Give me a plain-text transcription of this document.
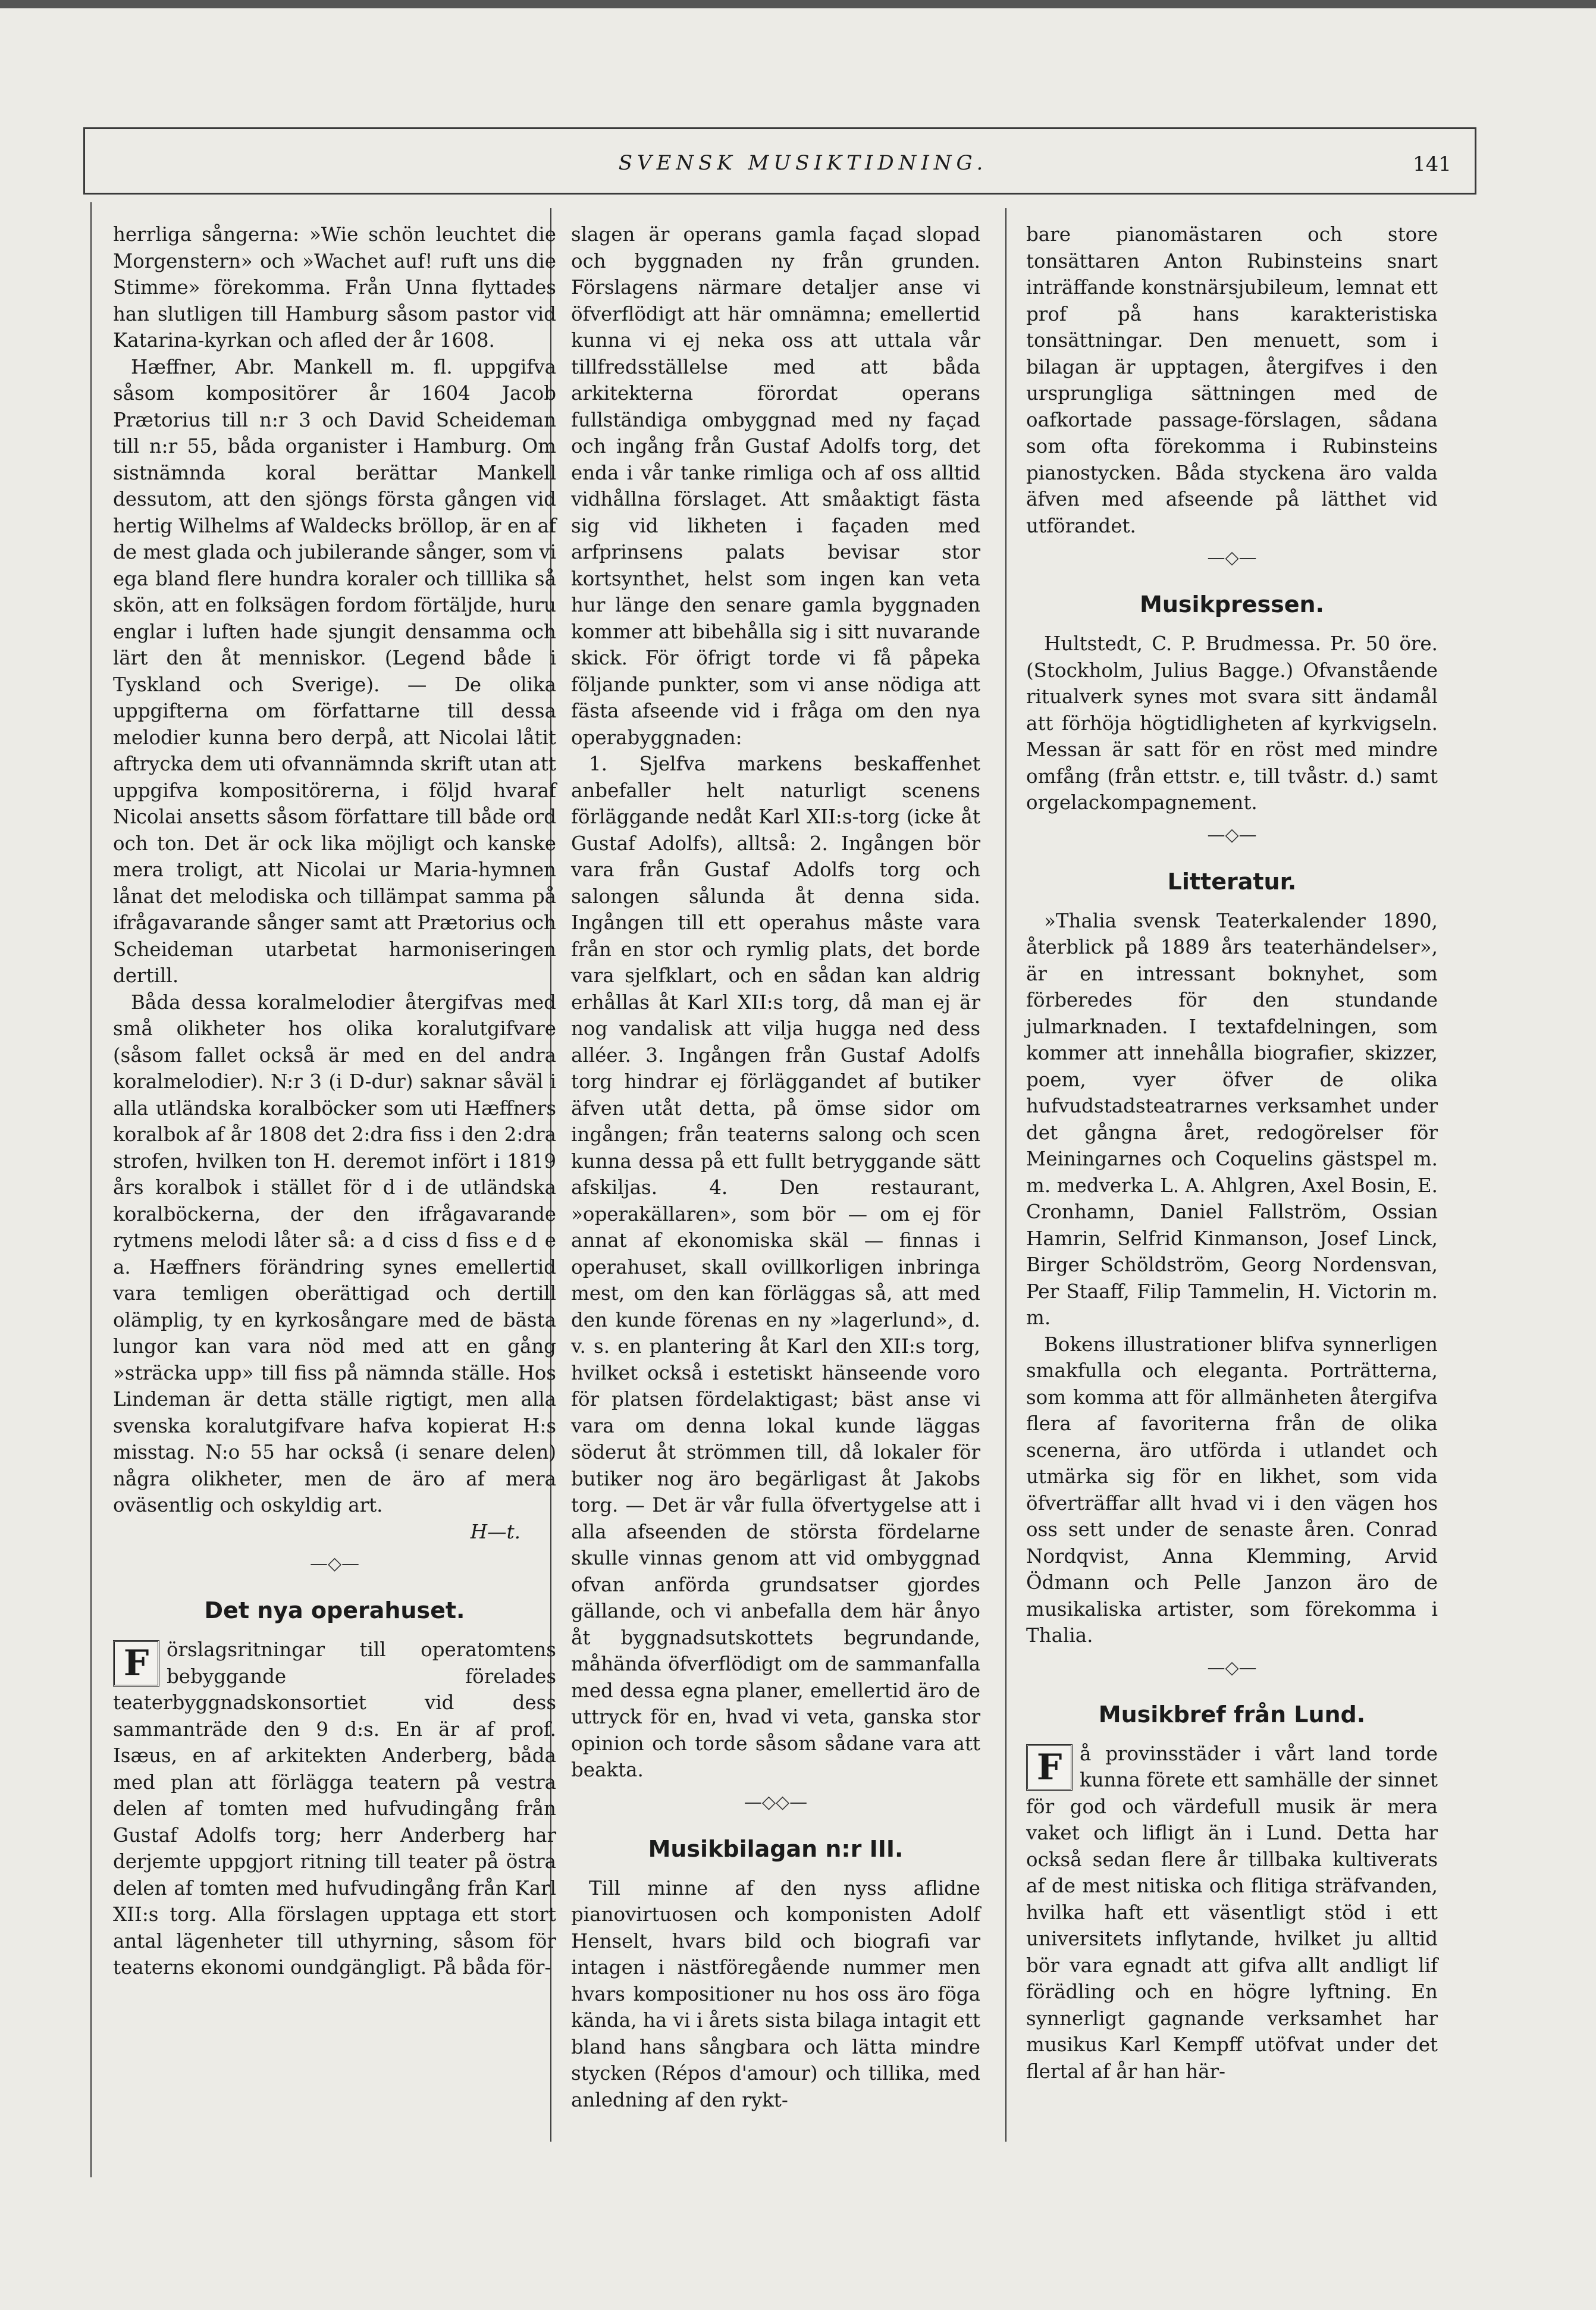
SVENSK MUSIKTIDNING.	141

herrliga sångerna: »Wie schön leuchtet die Morgenstern» och »Wachet auf! ruft uns die Stimme» förekomma. Från Unna flyttades han slutligen till Hamburg såsom pastor vid Katarina-kyrkan och afled der år 1608.

Hæffner, Abr. Mankell m. fl. uppgifva såsom kompositörer år 1604 Jacob Prætorius till n:r 3 och David Scheideman till n:r 55, båda organister i Hamburg. Om sistnämnda koral berättar Mankell dessutom, att den sjöngs första gången vid hertig Wilhelms af Waldecks bröllop, är en af de mest glada och jubilerande sånger, som vi ega bland flere hundra koraler och tilllika så skön, att en folksägen fordom förtäljde, huru englar i luften hade sjungit densamma och lärt den åt menniskor. (Legend både i Tyskland och Sverige). — De olika uppgifterna om författarne till dessa melodier kunna bero derpå, att Nicolai låtit aftrycka dem uti ofvannämnda skrift utan att uppgifva kompositörerna, i följd hvaraf Nicolai ansetts såsom författare till både ord och ton. Det är ock lika möjligt och kanske mera troligt, att Nicolai ur Maria-hymnen lånat det melodiska och tillämpat samma på ifrågavarande sånger samt att Prætorius och Scheideman utarbetat harmoniseringen dertill.

Båda dessa koralmelodier återgifvas med små olikheter hos olika koralutgifvare (såsom fallet också är med en del andra koralmelodier). N:r 3 (i D-dur) saknar såväl i alla utländska koralböcker som uti Hæffners koralbok af år 1808 det 2:dra fiss i den 2:dra strofen, hvilken ton H. deremot infört i 1819 års koralbok i stället för d i de utländska koralböckerna, der den ifrågavarande rytmens melodi låter så: a d ciss d fiss e d e a. Hæffners förändring synes emellertid vara temligen oberättigad och dertill olämplig, ty en kyrkosångare med de bästa lungor kan vara nöd med att en gång »sträcka upp» till fiss på nämnda ställe. Hos Lindeman är detta ställe rigtigt, men alla svenska koralutgifvare hafva kopierat H:s misstag. N:o 55 har också (i senare delen) några olikheter, men de äro af mera oväsentlig och oskyldig art.

H—t.
—◇—
Det nya operahuset.

F örslagsritningar till operatomtens bebyggande förelades teaterbyggnadskonsortiet vid dess sammanträde den 9 d:s. En är af prof. Isæus, en af arkitekten Anderberg, båda med plan att förlägga teatern på vestra delen af tomten med hufvudingång från Gustaf Adolfs torg; herr Anderberg har derjemte uppgjort ritning till teater på östra delen af tomten med hufvudingång från Karl XII:s torg. Alla förslagen upptaga ett stort antal lägenheter till uthyrning, såsom för teaterns ekonomi oundgängligt. På båda för-

slagen är operans gamla façad slopad och byggnaden ny från grunden. Förslagens närmare detaljer anse vi öfverflödigt att här omnämna; emellertid kunna vi ej neka oss att uttala vår tillfredsställelse med att båda arkitekterna förordat operans fullständiga ombyggnad med ny façad och ingång från Gustaf Adolfs torg, det enda i vår tanke rimliga och af oss alltid vidhållna förslaget. Att småaktigt fästa sig vid likheten i façaden med arfprinsens palats bevisar stor kortsynthet, helst som ingen kan veta hur länge den senare gamla byggnaden kommer att bibehålla sig i sitt nuvarande skick. För öfrigt torde vi få påpeka följande punkter, som vi anse nödiga att fästa afseende vid i fråga om den nya operabyggnaden:

1. Sjelfva markens beskaffenhet anbefaller helt naturligt scenens förläggande nedåt Karl XII:s-torg (icke åt Gustaf Adolfs), alltså: 2. Ingången bör vara från Gustaf Adolfs torg och salongen sålunda åt denna sida. Ingången till ett operahus måste vara från en stor och rymlig plats, det borde vara sjelfklart, och en sådan kan aldrig erhållas åt Karl XII:s torg, då man ej är nog vandalisk att vilja hugga ned dess alléer. 3. Ingången från Gustaf Adolfs torg hindrar ej förläggandet af butiker äfven utåt detta, på ömse sidor om ingången; från teaterns salong och scen kunna dessa på ett fullt betryggande sätt afskiljas. 4. Den restaurant, »operakällaren», som bör — om ej för annat af ekonomiska skäl — finnas i operahuset, skall ovillkorligen inbringa mest, om den kan förläggas så, att med den kunde förenas en ny »lagerlund», d. v. s. en plantering åt Karl den XII:s torg, hvilket också i estetiskt hänseende voro för platsen fördelaktigast; bäst anse vi vara om denna lokal kunde läggas söderut åt strömmen till, då lokaler för butiker nog äro begärligast åt Jakobs torg. — Det är vår fulla öfvertygelse att i alla afseenden de största fördelarne skulle vinnas genom att vid ombyggnad ofvan anförda grundsatser gjordes gällande, och vi anbefalla dem här ånyo åt byggnadsutskottets begrundande, måhända öfverflödigt om de sammanfalla med dessa egna planer, emellertid äro de uttryck för en, hvad vi veta, ganska stor opinion och torde såsom sådane vara att beakta.

—◇◇—
Musikbilagan n:r III.

Till minne af den nyss aflidne pianovirtuosen och komponisten Adolf Henselt, hvars bild och biografi var intagen i nästföregående nummer men hvars kompositioner nu hos oss äro föga kända, ha vi i årets sista bilaga intagit ett bland hans sångbara och lätta mindre stycken (Répos d'amour) och tillika, med anledning af den rykt-

bare pianomästaren och store tonsättaren Anton Rubinsteins snart inträffande konstnärsjubileum, lemnat ett prof på hans karakteristiska tonsättningar. Den menuett, som i bilagan är upptagen, återgifves i den ursprungliga sättningen med de oafkortade passage-förslagen, sådana som ofta förekomma i Rubinsteins pianostycken. Båda styckena äro valda äfven med afseende på lätthet vid utförandet.

—◇—
Musikpressen.

Hultstedt, C. P. Brudmessa. Pr. 50 öre. (Stockholm, Julius Bagge.) Ofvanstående ritualverk synes mot svara sitt ändamål att förhöja högtidligheten af kyrkvigseln. Messan är satt för en röst med mindre omfång (från ettstr. e, till tvåstr. d.) samt orgelackompagnement.

—◇—
Litteratur.

»Thalia svensk Teaterkalender 1890, återblick på 1889 års teaterhändelser», är en intressant boknyhet, som förberedes för den stundande julmarknaden. I textafdelningen, som kommer att innehålla biografier, skizzer, poem, vyer öfver de olika hufvudstadsteatrarnes verksamhet under det gångna året, redogörelser för Meiningarnes och Coquelins gästspel m. m. medverka L. A. Ahlgren, Axel Bosin, E. Cronhamn, Daniel Fallström, Ossian Hamrin, Selfrid Kinmanson, Josef Linck, Birger Schöldström, Georg Nordensvan, Per Staaff, Filip Tammelin, H. Victorin m. m.

Bokens illustrationer blifva synnerligen smakfulla och eleganta. Porträtterna, som komma att för allmänheten återgifva flera af favoriterna från de olika scenerna, äro utförda i utlandet och utmärka sig för en likhet, som vida öfverträffar allt hvad vi i den vägen hos oss sett under de senaste åren. Conrad Nordqvist, Anna Klemming, Arvid Ödmann och Pelle Janzon äro de musikaliska artister, som förekomma i Thalia.

—◇—
Musikbref från Lund.

F å provinsstäder i vårt land torde kunna förete ett samhälle der sinnet för god och värdefull musik är mera vaket och lifligt än i Lund. Detta har också sedan flere år tillbaka kultiverats af de mest nitiska och flitiga sträfvanden, hvilka haft ett väsentligt stöd i ett universitets inflytande, hvilket ju alltid bör vara egnadt att gifva allt andligt lif förädling och en högre lyftning. En synnerligt gagnande verksamhet har musikus Karl Kempff utöfvat under det flertal af år han här-
